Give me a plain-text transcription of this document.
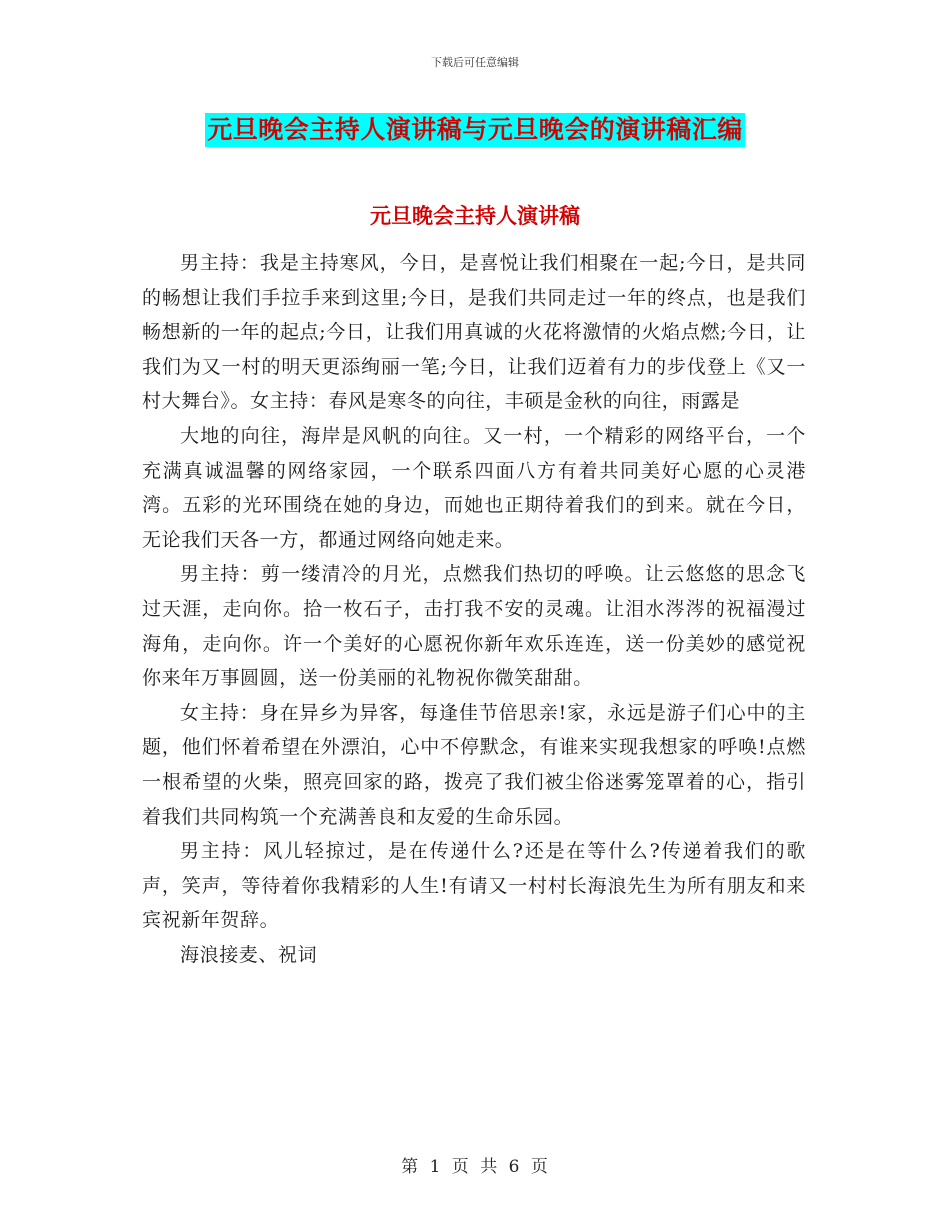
下载后可任意编辑
元旦晚会主持人演讲稿与元旦晚会的演讲稿汇编
元旦晚会主持人演讲稿

男主持：我是主持寒风，今日，是喜悦让我们相聚在一起;今日，是共同的畅想让我们手拉手来到这里;今日，是我们共同走过一年的终点，也是我们畅想新的一年的起点;今日，让我们用真诚的火花将激情的火焰点燃;今日，让我们为又一村的明天更添绚丽一笔;今日，让我们迈着有力的步伐登上《又一村大舞台》。女主持：春风是寒冬的向往，丰硕是金秋的向往，雨露是

大地的向往，海岸是风帆的向往。又一村，一个精彩的网络平台，一个充满真诚温馨的网络家园，一个联系四面八方有着共同美好心愿的心灵港湾。五彩的光环围绕在她的身边，而她也正期待着我们的到来。就在今日，无论我们天各一方，都通过网络向她走来。

男主持：剪一缕清冷的月光，点燃我们热切的呼唤。让云悠悠的思念飞过天涯，走向你。拾一枚石子，击打我不安的灵魂。让泪水涔涔的祝福漫过海角，走向你。许一个美好的心愿祝你新年欢乐连连，送一份美妙的感觉祝你来年万事圆圆，送一份美丽的礼物祝你微笑甜甜。

女主持：身在异乡为异客，每逢佳节倍思亲!家，永远是游子们心中的主题，他们怀着希望在外漂泊，心中不停默念，有谁来实现我想家的呼唤!点燃一根希望的火柴，照亮回家的路，拨亮了我们被尘俗迷雾笼罩着的心，指引着我们共同构筑一个充满善良和友爱的生命乐园。

男主持：风儿轻掠过，是在传递什么?还是在等什么?传递着我们的歌声，笑声，等待着你我精彩的人生!有请又一村村长海浪先生为所有朋友和来宾祝新年贺辞。

海浪接麦、祝词

第 1 页 共 6 页
